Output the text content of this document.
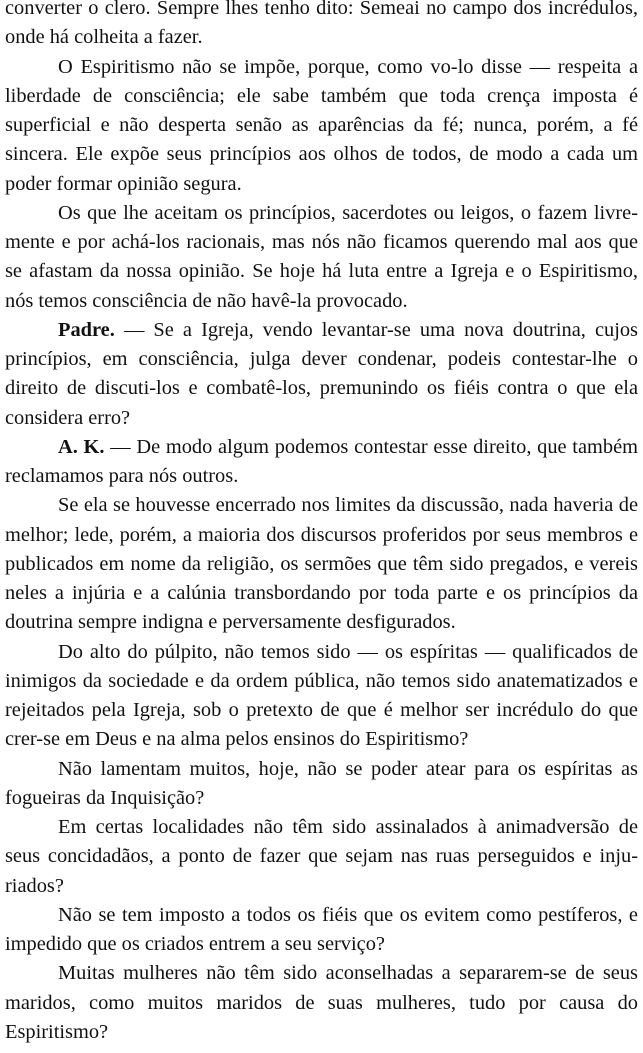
converter o clero. Sempre lhes tenho dito: Semeai no campo dos incrédulos, onde há colheita a fazer.

O Espiritismo não se impõe, porque, como vo-lo disse — respeita a liberdade de consciência; ele sabe também que toda crença imposta é superficial e não desperta senão as aparências da fé; nunca, porém, a fé sincera. Ele expõe seus princípios aos olhos de todos, de modo a cada um poder formar opinião segura.

Os que lhe aceitam os princípios, sacerdotes ou leigos, o fazem livremente e por achá-los racionais, mas nós não ficamos querendo mal aos que se afastam da nossa opinião. Se hoje há luta entre a Igreja e o Espiritismo, nós temos consciência de não havê-la provocado.

Padre. — Se a Igreja, vendo levantar-se uma nova doutrina, cujos princípios, em consciência, julga dever condenar, podeis contestar-lhe o direito de discuti-los e combatê-los, premunindo os fiéis contra o que ela considera erro?

A. K. — De modo algum podemos contestar esse direito, que também reclamamos para nós outros.

Se ela se houvesse encerrado nos limites da discussão, nada haveria de melhor; lede, porém, a maioria dos discursos proferidos por seus membros e publicados em nome da religião, os sermões que têm sido pregados, e vereis neles a injúria e a calúnia transbordando por toda parte e os princípios da doutrina sempre indigna e perversamente desfigurados.

Do alto do púlpito, não temos sido — os espíritas — qualificados de inimigos da sociedade e da ordem pública, não temos sido anatematizados e rejeitados pela Igreja, sob o pretexto de que é melhor ser incrédulo do que crer-se em Deus e na alma pelos ensinos do Espiritismo?

Não lamentam muitos, hoje, não se poder atear para os espíritas as fogueiras da Inquisição?

Em certas localidades não têm sido assinalados à animadversão de seus concidadãos, a ponto de fazer que sejam nas ruas perseguidos e injuriados?

Não se tem imposto a todos os fiéis que os evitem como pestíferos, e impedido que os criados entrem a seu serviço?

Muitas mulheres não têm sido aconselhadas a separarem-se de seus maridos, como muitos maridos de suas mulheres, tudo por causa do Espiritismo?
